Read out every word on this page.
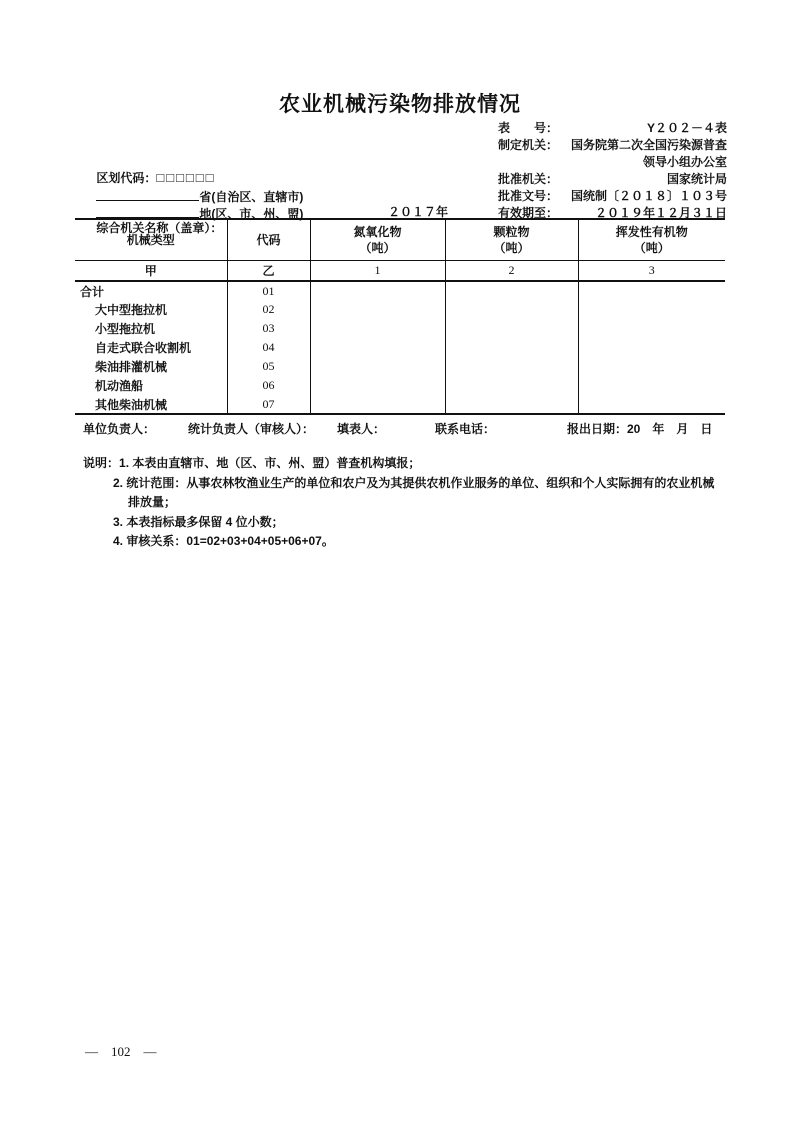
农业机械污染物排放情况
表　　号：	Y２０２－４表
制定机关：	国务院第二次全国污染源普查
领导小组办公室
批准机关：	国家统计局
批准文号：	国统制〔２０１８〕１０３号
有效期至：	２０１９年１２月３１日

区划代码：□□□□□□

省(自治区、直辖市)

地(区、市、州、盟)

综合机关名称（盖章）：

２０１７年
机械类型	代码	
氮氧化物
（吨）

颗粒物
（吨）

挥发性有机物
（吨）

甲	乙	1	2	3
合计	01			
大中型拖拉机	02			
小型拖拉机	03			
自走式联合收割机	04			
柴油排灌机械	05			
机动渔船	06			
其他柴油机械	07			
单位负责人：	统计负责人（审核人）： 填表人：	联系电话：	报出日期：20　年　月　日
说明： 1. 本表由直辖市、地（区、市、州、盟）普查机构填报；
2. 统计范围：从事农林牧渔业生产的单位和农户及为其提供农机作业服务的单位、组织和个人实际拥有的农业机械
排放量；
3. 本表指标最多保留 4 位小数；
4. 审核关系：01=02+03+04+05+06+07。
— 102 —
